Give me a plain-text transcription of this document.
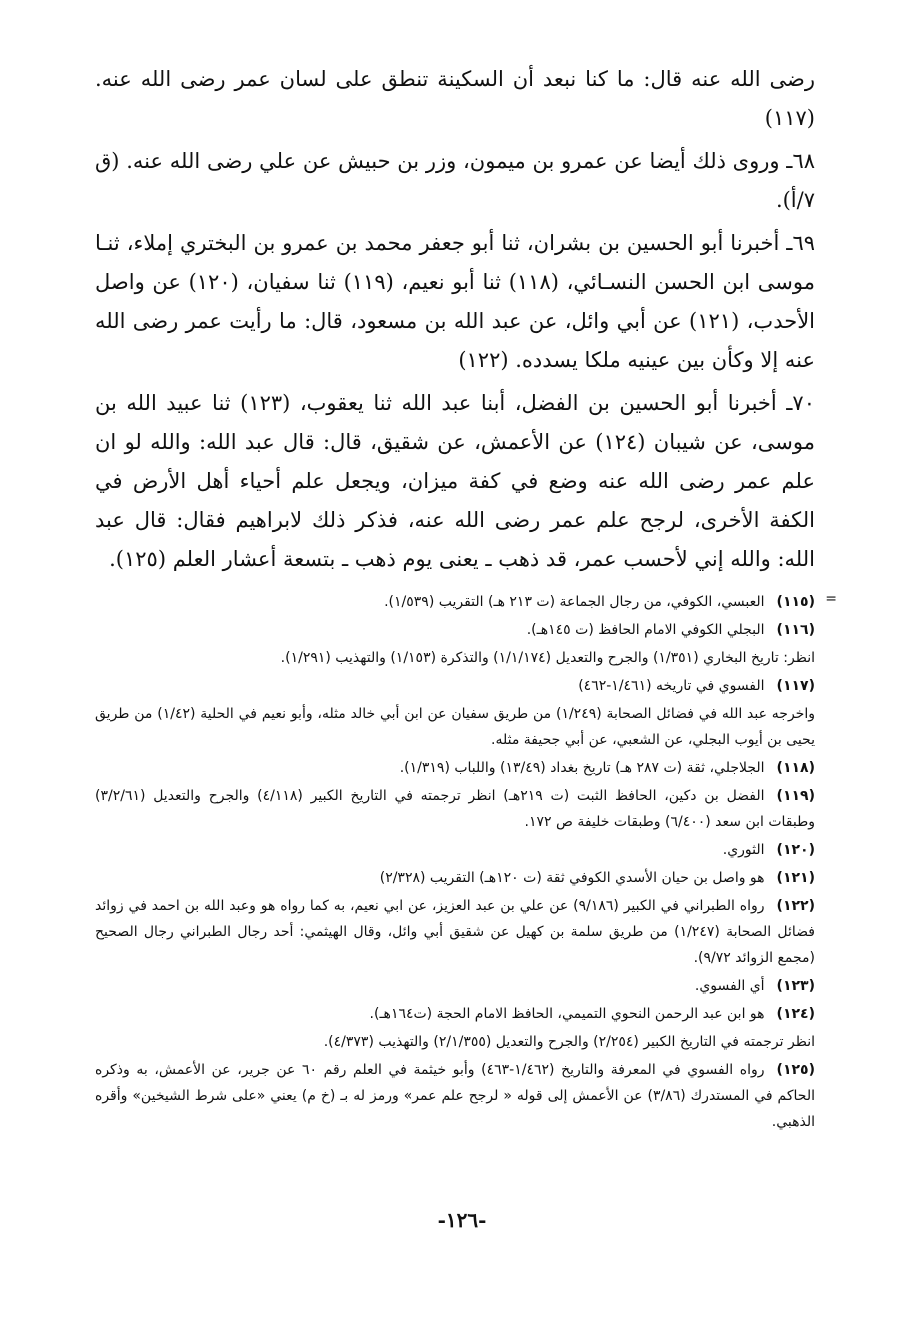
رضى الله عنه قال: ما كنا نبعد أن السكينة تنطق على لسان عمر رضى الله عنه. (١١٧)

٦٨ـ وروى ذلك أيضا عن عمرو بن ميمون، وزر بن حبيش عن علي رضى الله عنه. (ق ٧/أ).

٦٩ـ أخبرنا أبو الحسين بن بشران، ثنا أبو جعفر محمد بن عمرو بن البختري إملاء، ثنـا موسى ابن الحسن النسـائي، (١١٨) ثنا أبو نعيم، (١١٩) ثنا سفيان، (١٢٠) عن واصل الأحدب، (١٢١) عن أبي وائل، عن عبد الله بن مسعود، قال: ما رأيت عمر رضى الله عنه إلا وكأن بين عينيه ملكا يسدده. (١٢٢)

٧٠ـ أخبرنا أبو الحسين بن الفضل، أبنا عبد الله ثنا يعقوب، (١٢٣) ثنا عبيد الله بن موسى، عن شيبان (١٢٤) عن الأعمش، عن شقيق، قال: قال عبد الله: والله لو ان علم عمر رضى الله عنه وضع في كفة ميزان، ويجعل علم أحياء أهل الأرض في الكفة الأخرى، لرجح علم عمر رضى الله عنه، فذكر ذلك لابراهيم فقال: قال عبد الله: والله إني لأحسب عمر، قد ذهب ـ يعنى يوم ذهب ـ بتسعة أعشار العلم (١٢٥).

=
(١١٥)العبسي، الكوفي، من رجال الجماعة (ت ٢١٣ هـ) التقريب (١/٥٣٩).
(١١٦)البجلي الكوفي الامام الحافظ (ت ١٤٥هـ).
انظر: تاريخ البخاري (١/٣٥١) والجرح والتعديل (١/١/١٧٤) والتذكرة (١/١٥٣) والتهذيب (١/٢٩١).
(١١٧)الفسوي في تاريخه (١/٤٦١-٤٦٢)
واخرجه عبد الله في فضائل الصحابة (١/٢٤٩) من طريق سفيان عن ابن أبي خالد مثله، وأبو نعيم في الحلية (١/٤٢) من طريق يحيى بن أيوب البجلي، عن الشعبي، عن أبي جحيفة مثله.
(١١٨)الجلاجلي، ثقة (ت ٢٨٧ هـ) تاريخ بغداد (١٣/٤٩) واللباب (١/٣١٩).
(١١٩)الفضل بن دكين، الحافظ الثبت (ت ٢١٩هـ) انظر ترجمته في التاريخ الكبير (٤/١١٨) والجرح والتعديل (٣/٢/٦١) وطبقات ابن سعد (٦/٤٠٠) وطبقات خليفة ص ١٧٢.
(١٢٠)الثوري.
(١٢١)هو واصل بن حيان الأسدي الكوفي ثقة (ت ١٢٠هـ) التقريب (٢/٣٢٨)
(١٢٢)رواه الطبراني في الكبير (٩/١٨٦) عن علي بن عبد العزيز، عن ابي نعيم، به كما رواه هو وعبد الله بن احمد في زوائد فضائل الصحابة (١/٢٤٧) من طريق سلمة بن كهيل عن شقيق أبي وائل، وقال الهيثمي: أحد رجال الطبراني رجال الصحيح (مجمع الزوائد ٩/٧٢).
(١٢٣)أي الفسوي.
(١٢٤)هو ابن عبد الرحمن النحوي التميمي، الحافظ الامام الحجة (ت١٦٤هـ).
انظر ترجمته في التاريخ الكبير (٢/٢٥٤) والجرح والتعديل (٢/١/٣٥٥) والتهذيب (٤/٣٧٣).
(١٢٥)رواه الفسوي في المعرفة والتاريخ (١/٤٦٢-٤٦٣) وأبو خيثمة في العلم رقم ٦٠ عن جرير، عن الأعمش، به وذكره الحاكم في المستدرك (٣/٨٦) عن الأعمش إلى قوله « لرجح علم عمر» ورمز له بـ (خ م) يعني «على شرط الشيخين» وأقره الذهبي.
-١٢٦-
